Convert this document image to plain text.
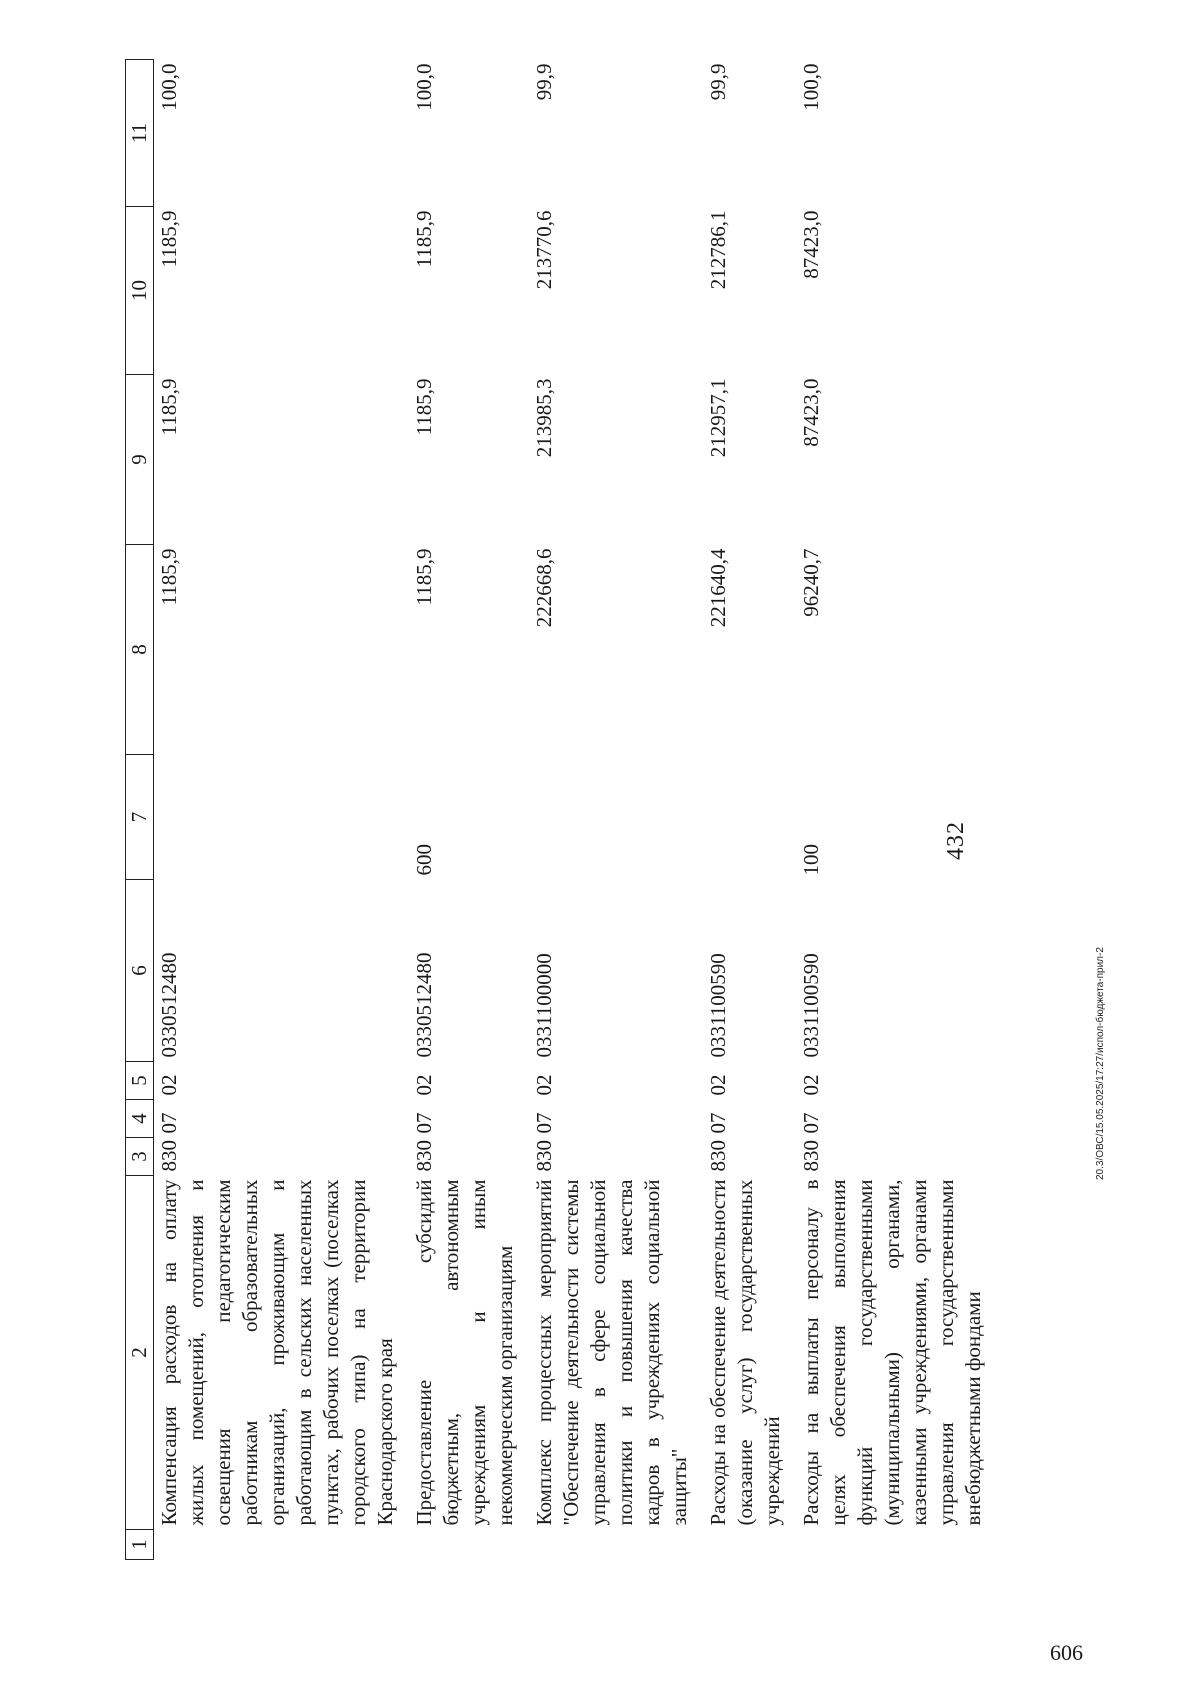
1	2	3	4	5	6	7	8	9	10	11
	Компенсация расходов на оплату жилых помещений, отопления и освещения педагогическим работникам образовательных организаций, проживающим и работающим в сельских населенных пунктах, рабочих поселках (поселках городского типа) на территории Краснодарского края	830	07	02	0330512480		1185,9	1185,9	1185,9	100,0
	Предоставление субсидий бюджетным, автономным учреждениям и иным некоммерческим организациям	830	07	02	0330512480	600	1185,9	1185,9	1185,9	100,0
	Комплекс процессных мероприятий "Обеспечение деятельности системы управления в сфере социальной политики и повышения качества кадров в учреждениях социальной защиты"	830	07	02	0331100000		222668,6	213985,3	213770,6	99,9
	Расходы на обеспечение деятельности (оказание услуг) государственных учреждений	830	07	02	0331100590		221640,4	212957,1	212786,1	99,9
	Расходы на выплаты персоналу в целях обеспечения выполнения функций государственными (муниципальными) органами, казенными учреждениями, органами управления государственными внебюджетными фондами	830	07	02	0331100590	100	96240,7	87423,0	87423,0	100,0
432
20.3/ОВС/15.05.2025/17:27/испол-бюджета-прил-2
606
